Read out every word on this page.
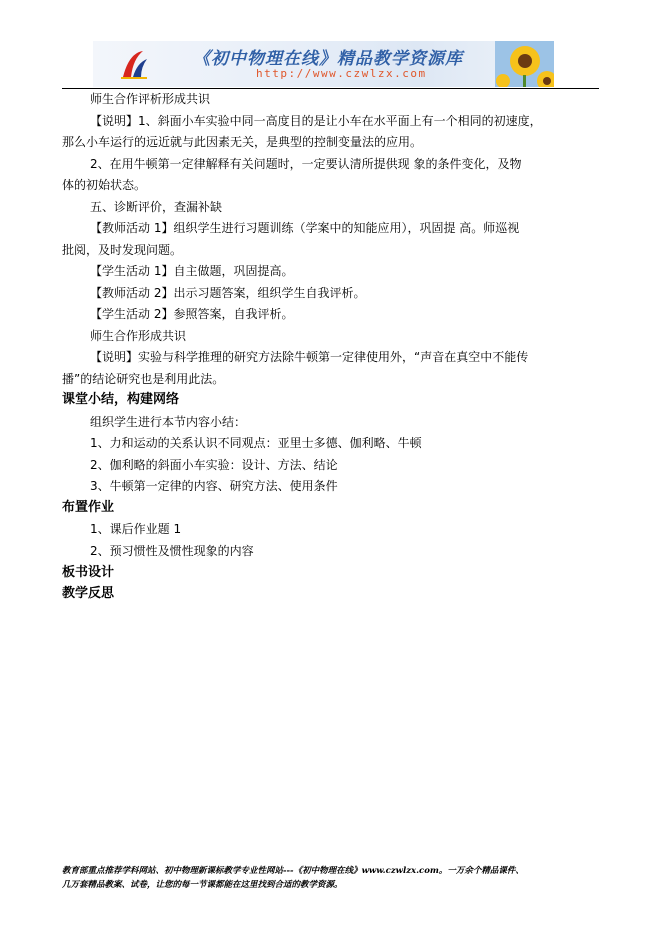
《初中物理在线》精品教学资源库
http://www.czwlzx.com
师生合作评析形成共识
【说明】1、斜面小车实验中同一高度目的是让小车在水平面上有一个相同的初速度，
那么小车运行的远近就与此因素无关，是典型的控制变量法的应用。
2、在用牛顿第一定律解释有关问题时，一定要认清所提供现 象的条件变化，及物
体的初始状态。
五、诊断评价，查漏补缺
【教师活动 1】组织学生进行习题训练（学案中的知能应用），巩固提 高。师巡视
批阅，及时发现问题。
【学生活动 1】自主做题，巩固提高。
【教师活动 2】出示习题答案，组织学生自我评析。
【学生活动 2】参照答案，自我评析。
师生合作形成共识
【说明】实验与科学推理的研究方法除牛顿第一定律使用外，“声音在真空中不能传
播”的结论研究也是利用此法。
课堂小结，构建网络
组织学生进行本节内容小结：
1、力和运动的关系认识不同观点：亚里士多德、伽利略、牛顿
2、伽利略的斜面小车实验：设计、方法、结论
3、牛顿第一定律的内容、研究方法、使用条件
布置作业
1、课后作业题 1
2、预习惯性及惯性现象的内容
板书设计
教学反思
教育部重点推荐学科网站、初中物理新课标教学专业性网站---《初中物理在线》www.czwlzx.com。一万余个精品课件、
几万套精品教案、试卷，让您的每一节课都能在这里找到合适的教学资源。
